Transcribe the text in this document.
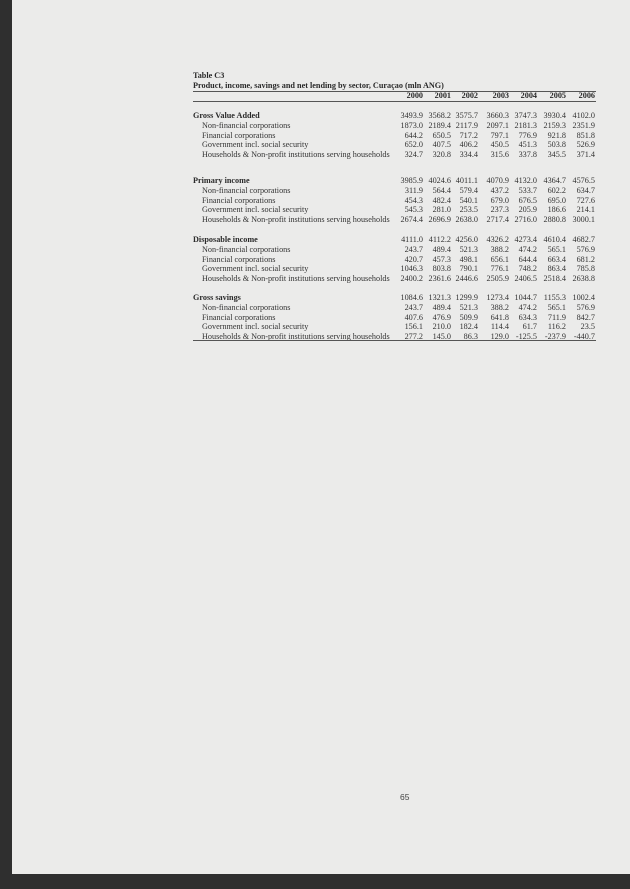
Table C3
Product, income, savings and net lending by sector, Curaçao (mln ANG)
2000	2001	2002	2003	2004	2005	2006
Gross Value Added	3493.9 3568.2 3575.7	3660.3 3747.3 3930.4 4102.0
Non-financial corporations	1873.0 2189.4 2117.9	2097.1 2181.3 2159.3 2351.9
Financial corporations	644.2	650.5	717.2	797.1	776.9	921.8	851.8
Government incl. social security	652.0	407.5	406.2	450.5	451.3	503.8	526.9
Households & Non-profit institutions serving households	324.7	320.8	334.4	315.6	337.8	345.5	371.4
Primary income	3985.9 4024.6 4011.1	4070.9 4132.0 4364.7 4576.5
Non-financial corporations	311.9	564.4	579.4	437.2	533.7	602.2	634.7
Financial corporations	454.3	482.4	540.1	679.0	676.5	695.0	727.6
Government incl. social security	545.3	281.0	253.5	237.3	205.9	186.6	214.1
Households & Non-profit institutions serving households	2674.4 2696.9 2638.0	2717.4 2716.0 2880.8 3000.1
Disposable income	4111.0 4112.2 4256.0	4326.2 4273.4 4610.4 4682.7
Non-financial corporations	243.7	489.4	521.3	388.2	474.2	565.1	576.9
Financial corporations	420.7	457.3	498.1	656.1	644.4	663.4	681.2
Government incl. social security	1046.3	803.8	790.1	776.1	748.2	863.4	785.8
Households & Non-profit institutions serving households	2400.2 2361.6 2446.6	2505.9 2406.5 2518.4 2638.8
Gross savings	1084.6 1321.3 1299.9	1273.4 1044.7 1155.3 1002.4
Non-financial corporations	243.7	489.4	521.3	388.2	474.2	565.1	576.9
Financial corporations	407.6	476.9	509.9	641.8	634.3	711.9	842.7
Government incl. social security	156.1	210.0	182.4	114.4	61.7	116.2	23.5
Households & Non-profit institutions serving households	277.2	145.0	86.3	129.0 -125.5 -237.9 -440.7
65
